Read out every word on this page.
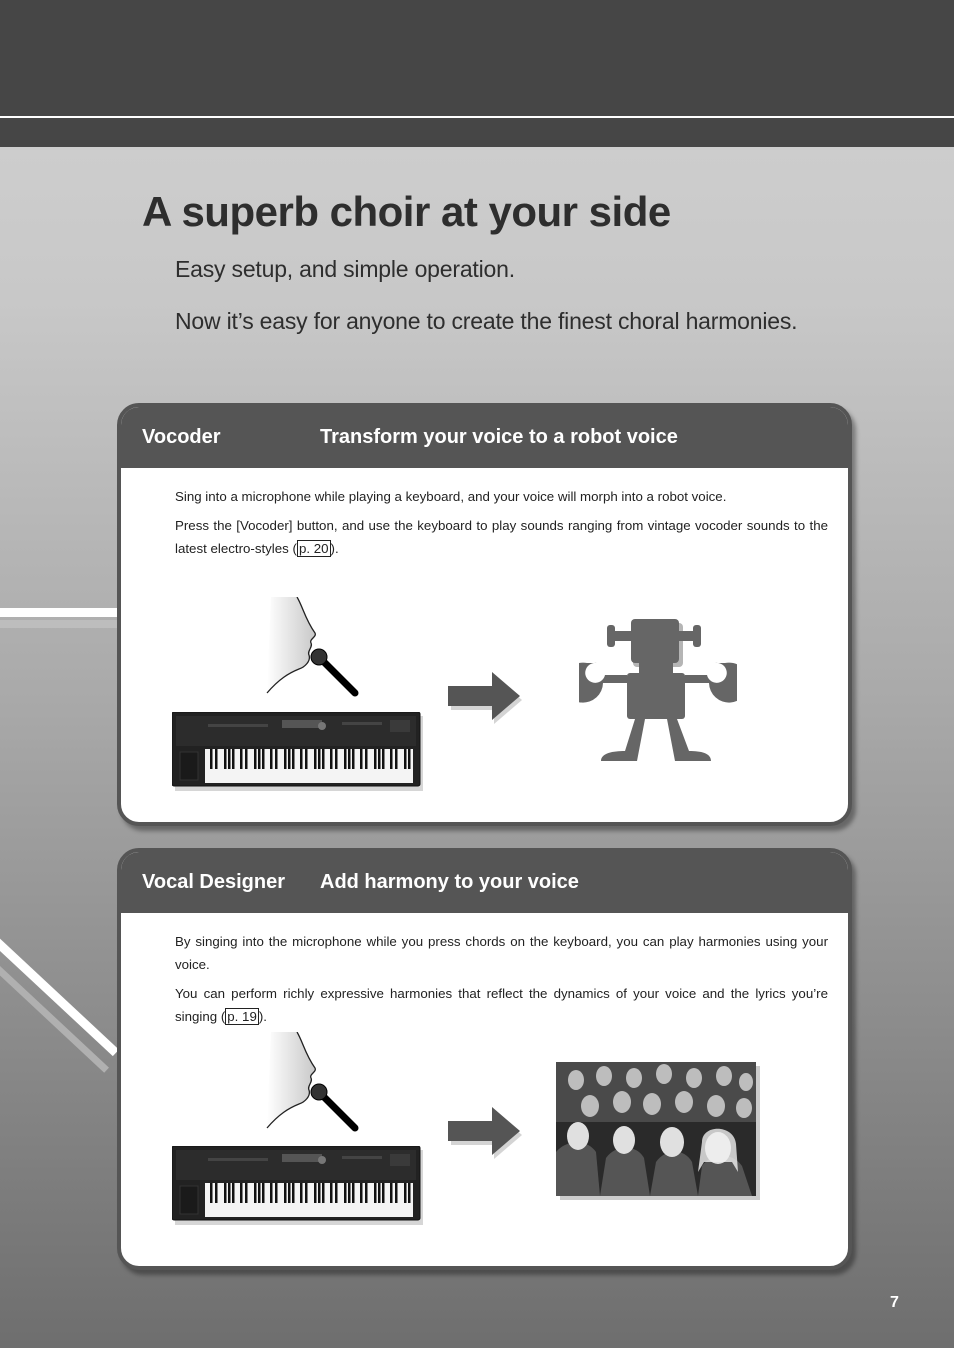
A superb choir at your side
Easy setup, and simple operation.
Now it’s easy for anyone to create the finest choral harmonies.
Vocoder	Transform your voice to a robot voice

Sing into a microphone while playing a keyboard, and your voice will morph into a robot voice.

Press the [Vocoder] button, and use the keyboard to play sounds ranging from vintage vocoder sounds to the latest electro-styles ( p. 20 ).

Vocal Designer Add harmony to your voice

By singing into the microphone while you press chords on the keyboard, you can play harmonies using your voice.

You can perform richly expressive harmonies that reflect the dynamics of your voice and the lyrics you’re singing ( p. 19 ).

7
